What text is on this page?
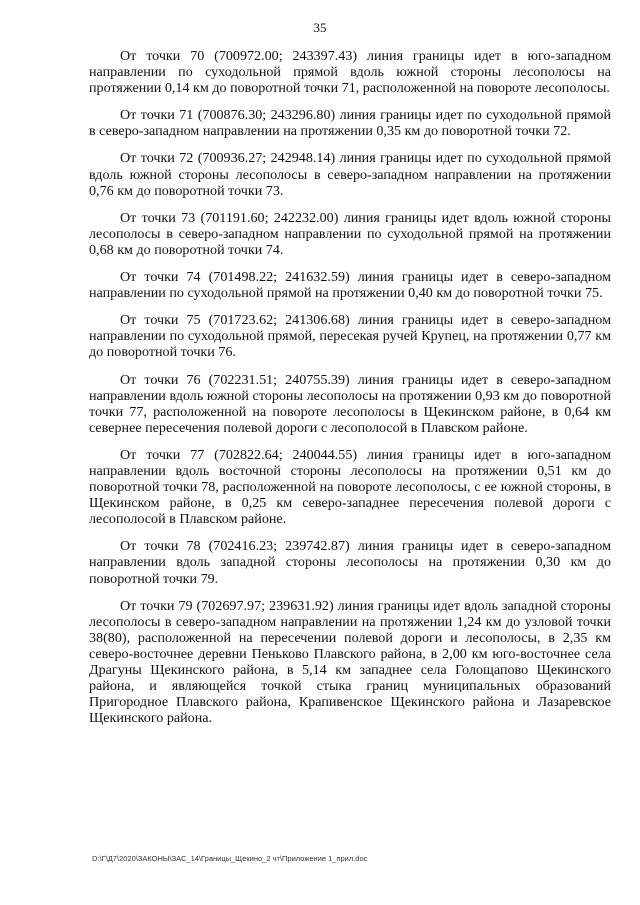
35

От точки 70 (700972.00; 243397.43) линия границы идет в юго-западном направлении по суходольной прямой вдоль южной стороны лесополосы на протяжении 0,14 км до поворотной точки 71, расположенной на повороте лесополосы.

От точки 71 (700876.30; 243296.80) линия границы идет по суходольной прямой в северо-западном направлении на протяжении 0,35 км до поворотной точки 72.

От точки 72 (700936.27; 242948.14) линия границы идет по суходольной прямой вдоль южной стороны лесополосы в северо-западном направлении на протяжении 0,76 км до поворотной точки 73.

От точки 73 (701191.60; 242232.00) линия границы идет вдоль южной стороны лесополосы в северо-западном направлении по суходольной прямой на протяжении 0,68 км до поворотной точки 74.

От точки 74 (701498.22; 241632.59) линия границы идет в северо-западном направлении по суходольной прямой на протяжении 0,40 км до поворотной точки 75.

От точки 75 (701723.62; 241306.68) линия границы идет в северо-западном направлении по суходольной прямой, пересекая ручей Крупец, на протяжении 0,77 км до поворотной точки 76.

От точки 76 (702231.51; 240755.39) линия границы идет в северо-западном направлении вдоль южной стороны лесополосы на протяжении 0,93 км до поворотной точки 77, расположенной на повороте лесополосы в Щекинском районе, в 0,64 км севернее пересечения полевой дороги с лесополосой в Плавском районе.

От точки 77 (702822.64; 240044.55) линия границы идет в юго-западном направлении вдоль восточной стороны лесополосы на протяжении 0,51 км до поворотной точки 78, расположенной на повороте лесополосы, с ее южной стороны, в Щекинском районе, в 0,25 км северо-западнее пересечения полевой дороги с лесополосой в Плавском районе.

От точки 78 (702416.23; 239742.87) линия границы идет в северо-западном направлении вдоль западной стороны лесополосы на протяжении 0,30 км до поворотной точки 79.

От точки 79 (702697.97; 239631.92) линия границы идет вдоль западной стороны лесополосы в северо-западном направлении на протяжении 1,24 км до узловой точки 38(80), расположенной на пересечении полевой дороги и лесополосы, в 2,35 км северо-восточнее деревни Пеньково Плавского района, в 2,00 км юго-восточнее села Драгуны Щекинского района, в 5,14 км западнее села Голощапово Щекинского района, и являющейся точкой стыка границ муниципальных образований Пригородное Плавского района, Крапивенское Щекинского района и Лазаревское Щекинского района.

D:\Г\Д7\2020\ЗАКОНЫ\ЗАС_14\Границы_Щекино_2 чт\Приложение 1_прил.doc
